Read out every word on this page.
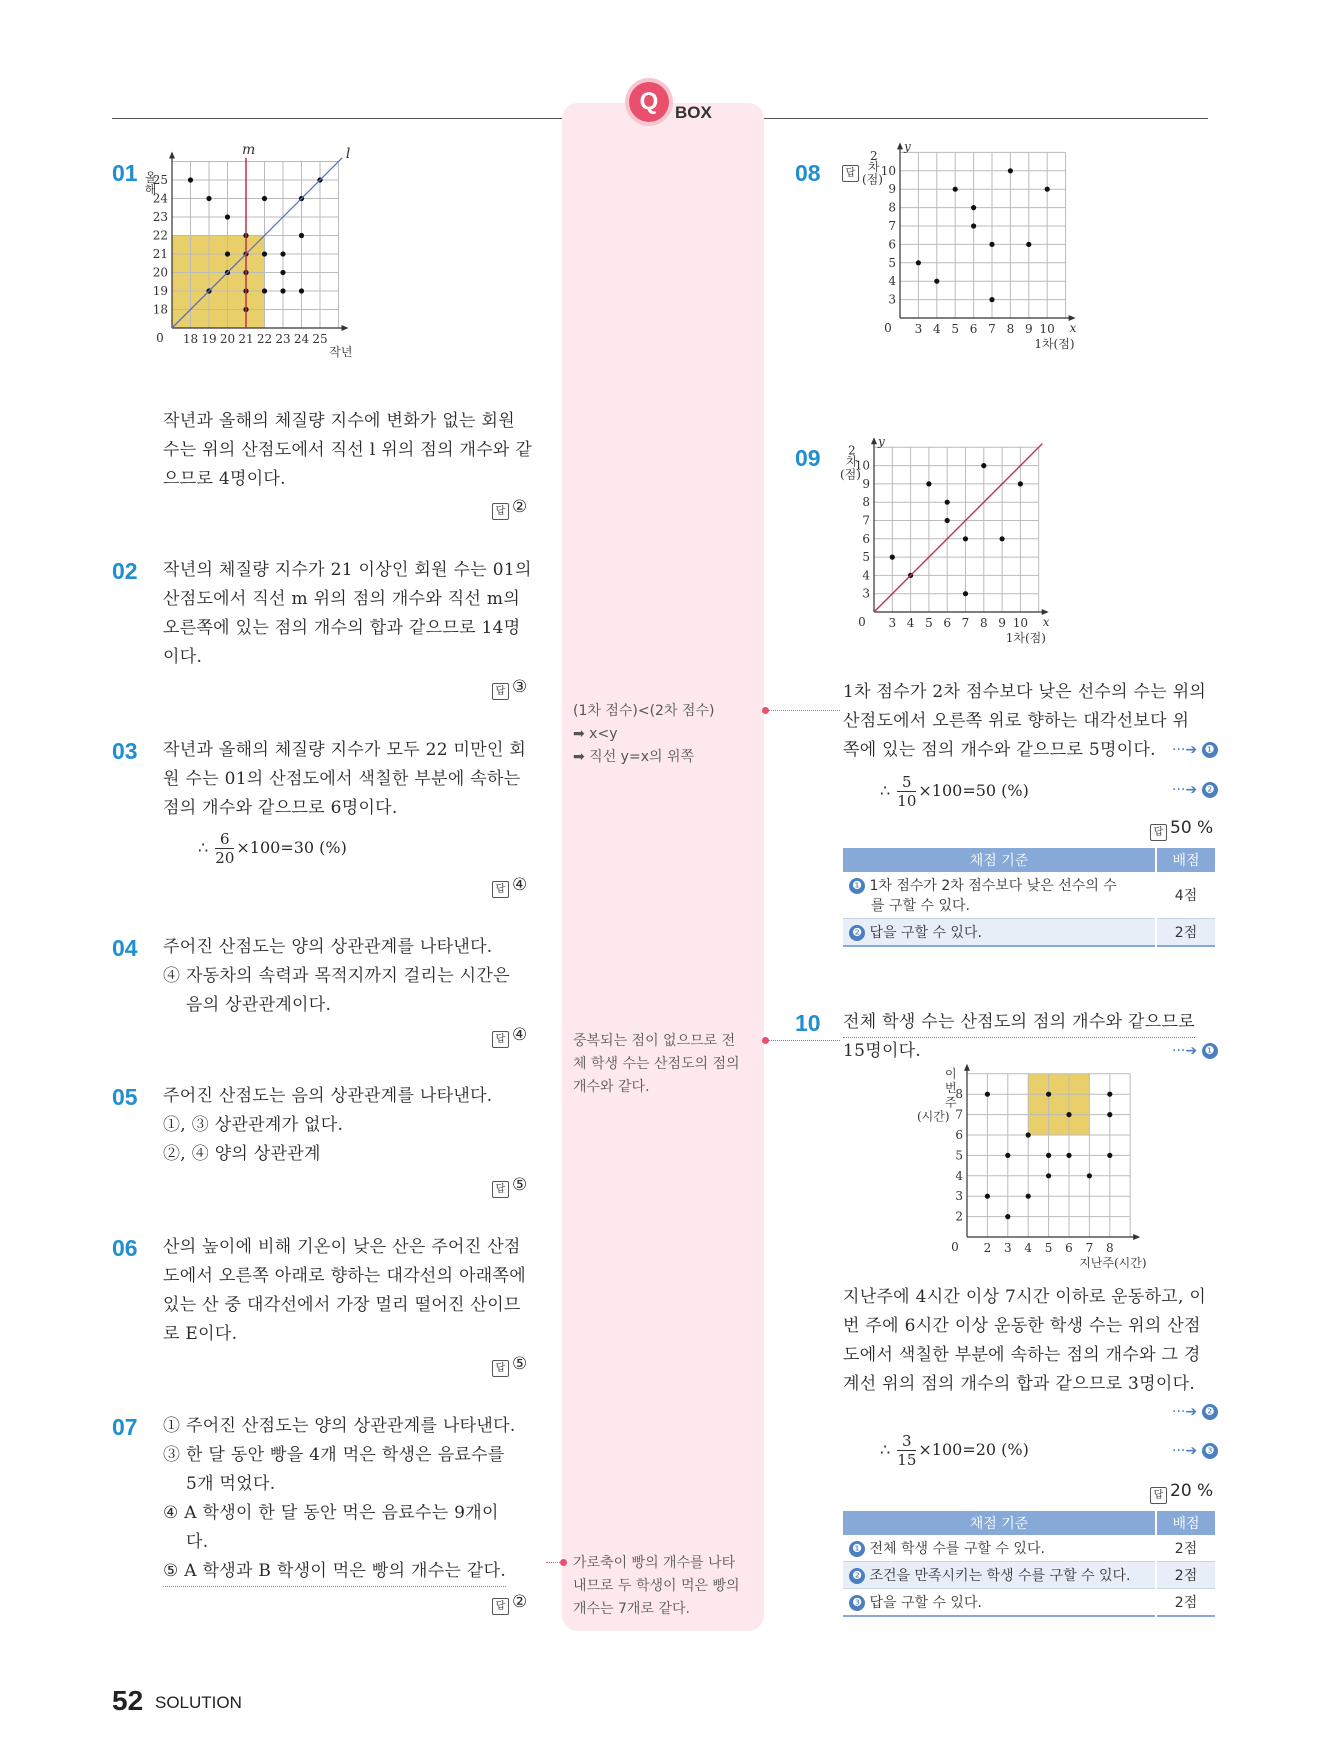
Q BOX
01
18 19 20 21 22 23 24 25
18
19
20
21
22
23
24
25
0
l
m
작년
올해
작년과 올해의 체질량 지수에 변화가 없는 회원 수는 위의 산점도에서 직선 l 위의 점의 개수와 같으므로 4명이다.
답 ②
02 작년의 체질량 지수가 21 이상인 회원 수는 01의 산점도에서 직선 m 위의 점의 개수와 직선 m의 오른쪽에 있는 점의 개수의 합과 같으므로 14명이다.
답 ③
03 작년과 올해의 체질량 지수가 모두 22 미만인 회원 수는 01의 산점도에서 색칠한 부분에 속하는 점의 개수와 같으므로 6명이다.
∴ $\frac{6}{20} \times 100=30$ (%)
답 ④
04 주어진 산점도는 양의 상관관계를 나타낸다.
④ 자동차의 속력과 목적지까지 걸리는 시간은
음의 상관관계이다.
답 ④
05 주어진 산점도는 음의 상관관계를 나타낸다.
①, ③ 상관관계가 없다.
②, ④ 양의 상관관계
답 ⑤
06 산의 높이에 비해 기온이 낮은 산은 주어진 산점도에서 오른쪽 아래로 향하는 대각선의 아래쪽에 있는 산 중 대각선에서 가장 멀리 떨어진 산이므로 E이다.
답 ⑤
07 ① 주어진 산점도는 양의 상관관계를 나타낸다.
③ 한 달 동안 빵을 4개 먹은 학생은 음료수를
5개 먹었다.
④ A 학생이 한 달 동안 먹은 음료수는 9개이
다.
⑤ A 학생과 B 학생이 먹은 빵의 개수는 같다.
답 ②
(1차 점수)<(2차 점수)
➡ x<y
➡ 직선 y=x의 위쪽
중복되는 점이 없으므로 전
체 학생 수는 산점도의 점의
개수와 같다.
가로축이 빵의 개수를 나타
내므로 두 학생이 먹은 빵의
개수는 7개로 같다.
08	답
3 4 5 6 7 8 9 10
3
4
5
6
7
8
9
10
0	x
y
1차(점)
2
차
(점)
09
3 4 5 6 7 8 9 10
3
4
5
6
7
8
9
10
0	x
y
1차(점)
2
차
(점)
1차 점수가 2차 점수보다 낮은 선수의 수는 위의
산점도에서 오른쪽 위로 향하는 대각선보다 위
쪽에 있는 점의 개수와 같으므로 5명이다. ···➔ ❶
∴ $\frac{5}{10} \times 100=50$ (%)	···➔ ❷
답 50 %
채점 기준	배점
❶ 1차 점수가 2차 점수보다 낮은 선수의 수
를 구할 수 있다.	4점
❷ 답을 구할 수 있다.	2점
10 전체 학생 수는 산점도의 점의 개수와 같으므로
15명이다.	···➔ ❶
2 3 4 5 6 7 8
2
3
4
5
6
7
8
0
지난주(시간)
이
번
주
(시간)
지난주에 4시간 이상 7시간 이하로 운동하고, 이
번 주에 6시간 이상 운동한 학생 수는 위의 산점
도에서 색칠한 부분에 속하는 점의 개수와 그 경
계선 위의 점의 개수의 합과 같으므로 3명이다.
···➔ ❷
∴ $\frac{3}{15} \times 100=20$ (%)	···➔ ❸
답 20 %
채점 기준	배점
❶ 전체 학생 수를 구할 수 있다.	2점
❷ 조건을 만족시키는 학생 수를 구할 수 있다.	2점
❸ 답을 구할 수 있다.	2점
52 SOLUTION
